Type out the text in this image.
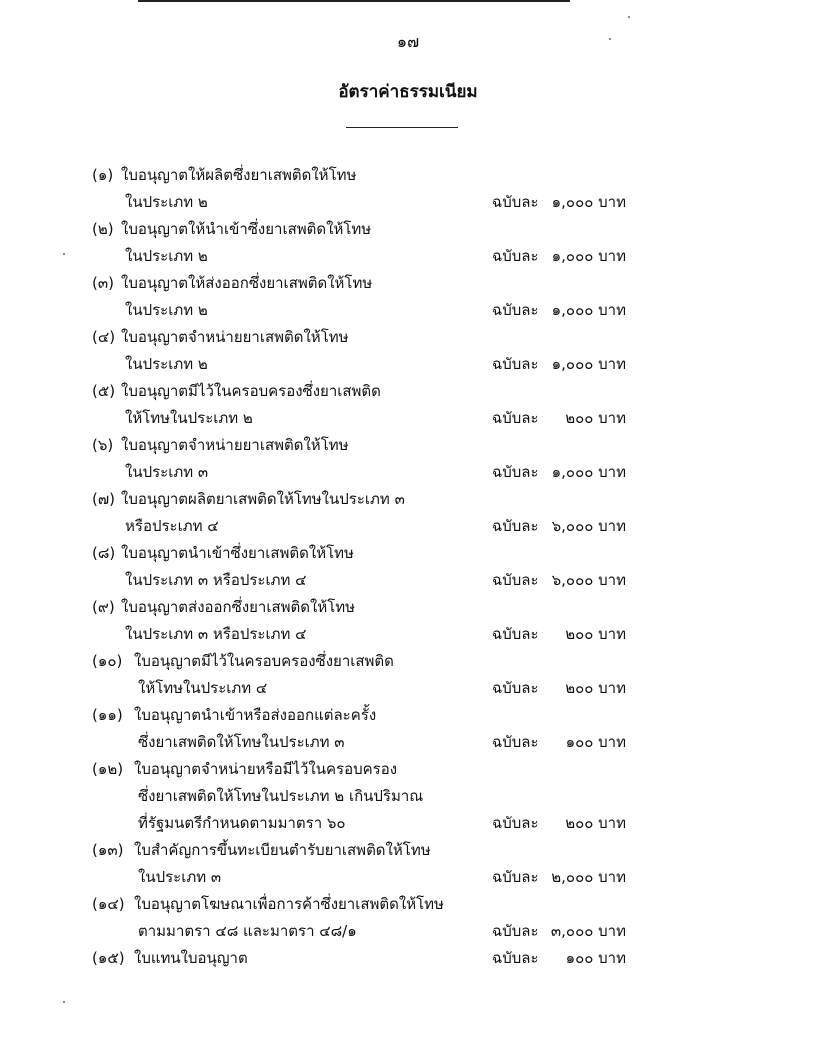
๑๗
อัตราค่าธรรมเนียม
(๑) ใบอนุญาตให้ผลิตซึ่งยาเสพติดให้โทษ
ในประเภท ๒	ฉบับละ ๑,๐๐๐ บาท
(๒) ใบอนุญาตให้นำเข้าซึ่งยาเสพติดให้โทษ
ในประเภท ๒	ฉบับละ ๑,๐๐๐ บาท
(๓) ใบอนุญาตให้ส่งออกซึ่งยาเสพติดให้โทษ
ในประเภท ๒	ฉบับละ ๑,๐๐๐ บาท
(๔) ใบอนุญาตจำหน่ายยาเสพติดให้โทษ
ในประเภท ๒	ฉบับละ ๑,๐๐๐ บาท
(๕) ใบอนุญาตมีไว้ในครอบครองซึ่งยาเสพติด
ให้โทษในประเภท ๒	ฉบับละ ๒๐๐ บาท
(๖) ใบอนุญาตจำหน่ายยาเสพติดให้โทษ
ในประเภท ๓	ฉบับละ ๑,๐๐๐ บาท
(๗) ใบอนุญาตผลิตยาเสพติดให้โทษในประเภท ๓
หรือประเภท ๔	ฉบับละ ๖,๐๐๐ บาท
(๘) ใบอนุญาตนำเข้าซึ่งยาเสพติดให้โทษ
ในประเภท ๓ หรือประเภท ๔	ฉบับละ ๖,๐๐๐ บาท
(๙) ใบอนุญาตส่งออกซึ่งยาเสพติดให้โทษ
ในประเภท ๓ หรือประเภท ๔	ฉบับละ ๒๐๐ บาท
(๑๐) ใบอนุญาตมีไว้ในครอบครองซึ่งยาเสพติด
ให้โทษในประเภท ๔	ฉบับละ ๒๐๐ บาท
(๑๑) ใบอนุญาตนำเข้าหรือส่งออกแต่ละครั้ง
ซึ่งยาเสพติดให้โทษในประเภท ๓	ฉบับละ ๑๐๐ บาท
(๑๒) ใบอนุญาตจำหน่ายหรือมีไว้ในครอบครอง
ซึ่งยาเสพติดให้โทษในประเภท ๒ เกินปริมาณ
ที่รัฐมนตรีกำหนดตามมาตรา ๖๐	ฉบับละ ๒๐๐ บาท
(๑๓) ใบสำคัญการขึ้นทะเบียนตำรับยาเสพติดให้โทษ
ในประเภท ๓	ฉบับละ ๒,๐๐๐ บาท
(๑๔) ใบอนุญาตโฆษณาเพื่อการค้าซึ่งยาเสพติดให้โทษ
ตามมาตรา ๔๘ และมาตรา ๔๘/๑	ฉบับละ ๓,๐๐๐ บาท
(๑๕) ใบแทนใบอนุญาต	ฉบับละ ๑๐๐ บาท
